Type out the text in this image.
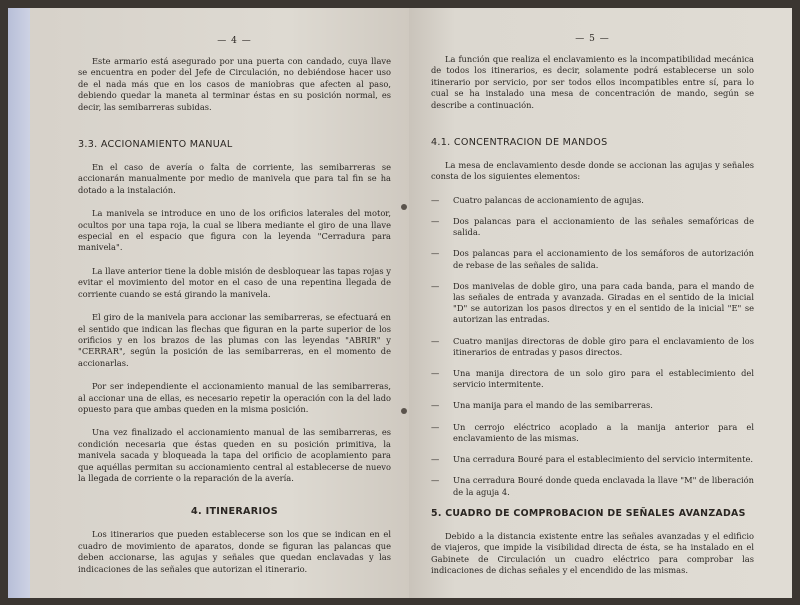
— 4 —

Este armario está asegurado por una puerta con candado, cuya llave se encuentra en poder del Jefe de Circulación, no debiéndose hacer uso de el nada más que en los casos de maniobras que afecten al paso, debiendo quedar la maneta al terminar éstas en su posición normal, es decir, las semibarreras subidas.

3.3. ACCIONAMIENTO MANUAL

En el caso de avería o falta de corriente, las semibarreras se accionarán manualmente por medio de manivela que para tal fin se ha dotado a la instalación.

La manivela se introduce en uno de los orificios laterales del motor, ocultos por una tapa roja, la cual se libera mediante el giro de una llave especial en el espacio que figura con la leyenda "Cerradura para manivela".

La llave anterior tiene la doble misión de desbloquear las tapas rojas y evitar el movimiento del motor en el caso de una repentina llegada de corriente cuando se está girando la manivela.

El giro de la manivela para accionar las semibarreras, se efectuará en el sentido que indican las flechas que figuran en la parte superior de los orificios y en los brazos de las plumas con las leyendas "ABRIR" y "CERRAR", según la posición de las semibarreras, en el momento de accionarlas.

Por ser independiente el accionamiento manual de las semibarreras, al accionar una de ellas, es necesario repetir la operación con la del lado opuesto para que ambas queden en la misma posición.

Una vez finalizado el accionamiento manual de las semibarreras, es condición necesaria que éstas queden en su posición primitiva, la manivela sacada y bloqueada la tapa del orificio de acoplamiento para que aquéllas permitan su accionamiento central al establecerse de nuevo la llegada de corriente o la reparación de la avería.

4. ITINERARIOS

Los itinerarios que pueden establecerse son los que se indican en el cuadro de movimiento de aparatos, donde se figuran las palancas que deben accionarse, las agujas y señales que quedan enclavadas y las indicaciones de las señales que autorizan el itinerario.

— 5 —

La función que realiza el enclavamiento es la incompatibilidad mecánica de todos los itinerarios, es decir, solamente podrá establecerse un solo itinerario por servicio, por ser todos ellos incompatibles entre sí, para lo cual se ha instalado una mesa de concentración de mando, según se describe a continuación.

4.1. CONCENTRACION DE MANDOS

La mesa de enclavamiento desde donde se accionan las agujas y señales consta de los siguientes elementos:

—	Cuatro palancas de accionamiento de agujas.
—	Dos palancas para el accionamiento de las señales semafóricas de salida.
—	Dos palancas para el accionamiento de los semáforos de autorización de rebase de las señales de salida.
—	Dos manivelas de doble giro, una para cada banda, para el mando de las señales de entrada y avanzada. Giradas en el sentido de la inicial "D" se autorizan los pasos directos y en el sentido de la inicial "E" se autorizan las entradas.
—	Cuatro manijas directoras de doble giro para el enclavamiento de los itinerarios de entradas y pasos directos.
—	Una manija directora de un solo giro para el establecimiento del servicio intermitente.
—	Una manija para el mando de las semibarreras.
—	Un cerrojo eléctrico acoplado a la manija anterior para el enclavamiento de las mismas.
—	Una cerradura Bouré para el establecimiento del servicio intermitente.
—	Una cerradura Bouré donde queda enclavada la llave "M" de liberación de la aguja 4.
5. CUADRO DE COMPROBACION DE SEÑALES AVANZADAS

Debido a la distancia existente entre las señales avanzadas y el edificio de viajeros, que impide la visibilidad directa de ésta, se ha instalado en el Gabinete de Circulación un cuadro eléctrico para comprobar las indicaciones de dichas señales y el encendido de las mismas.
